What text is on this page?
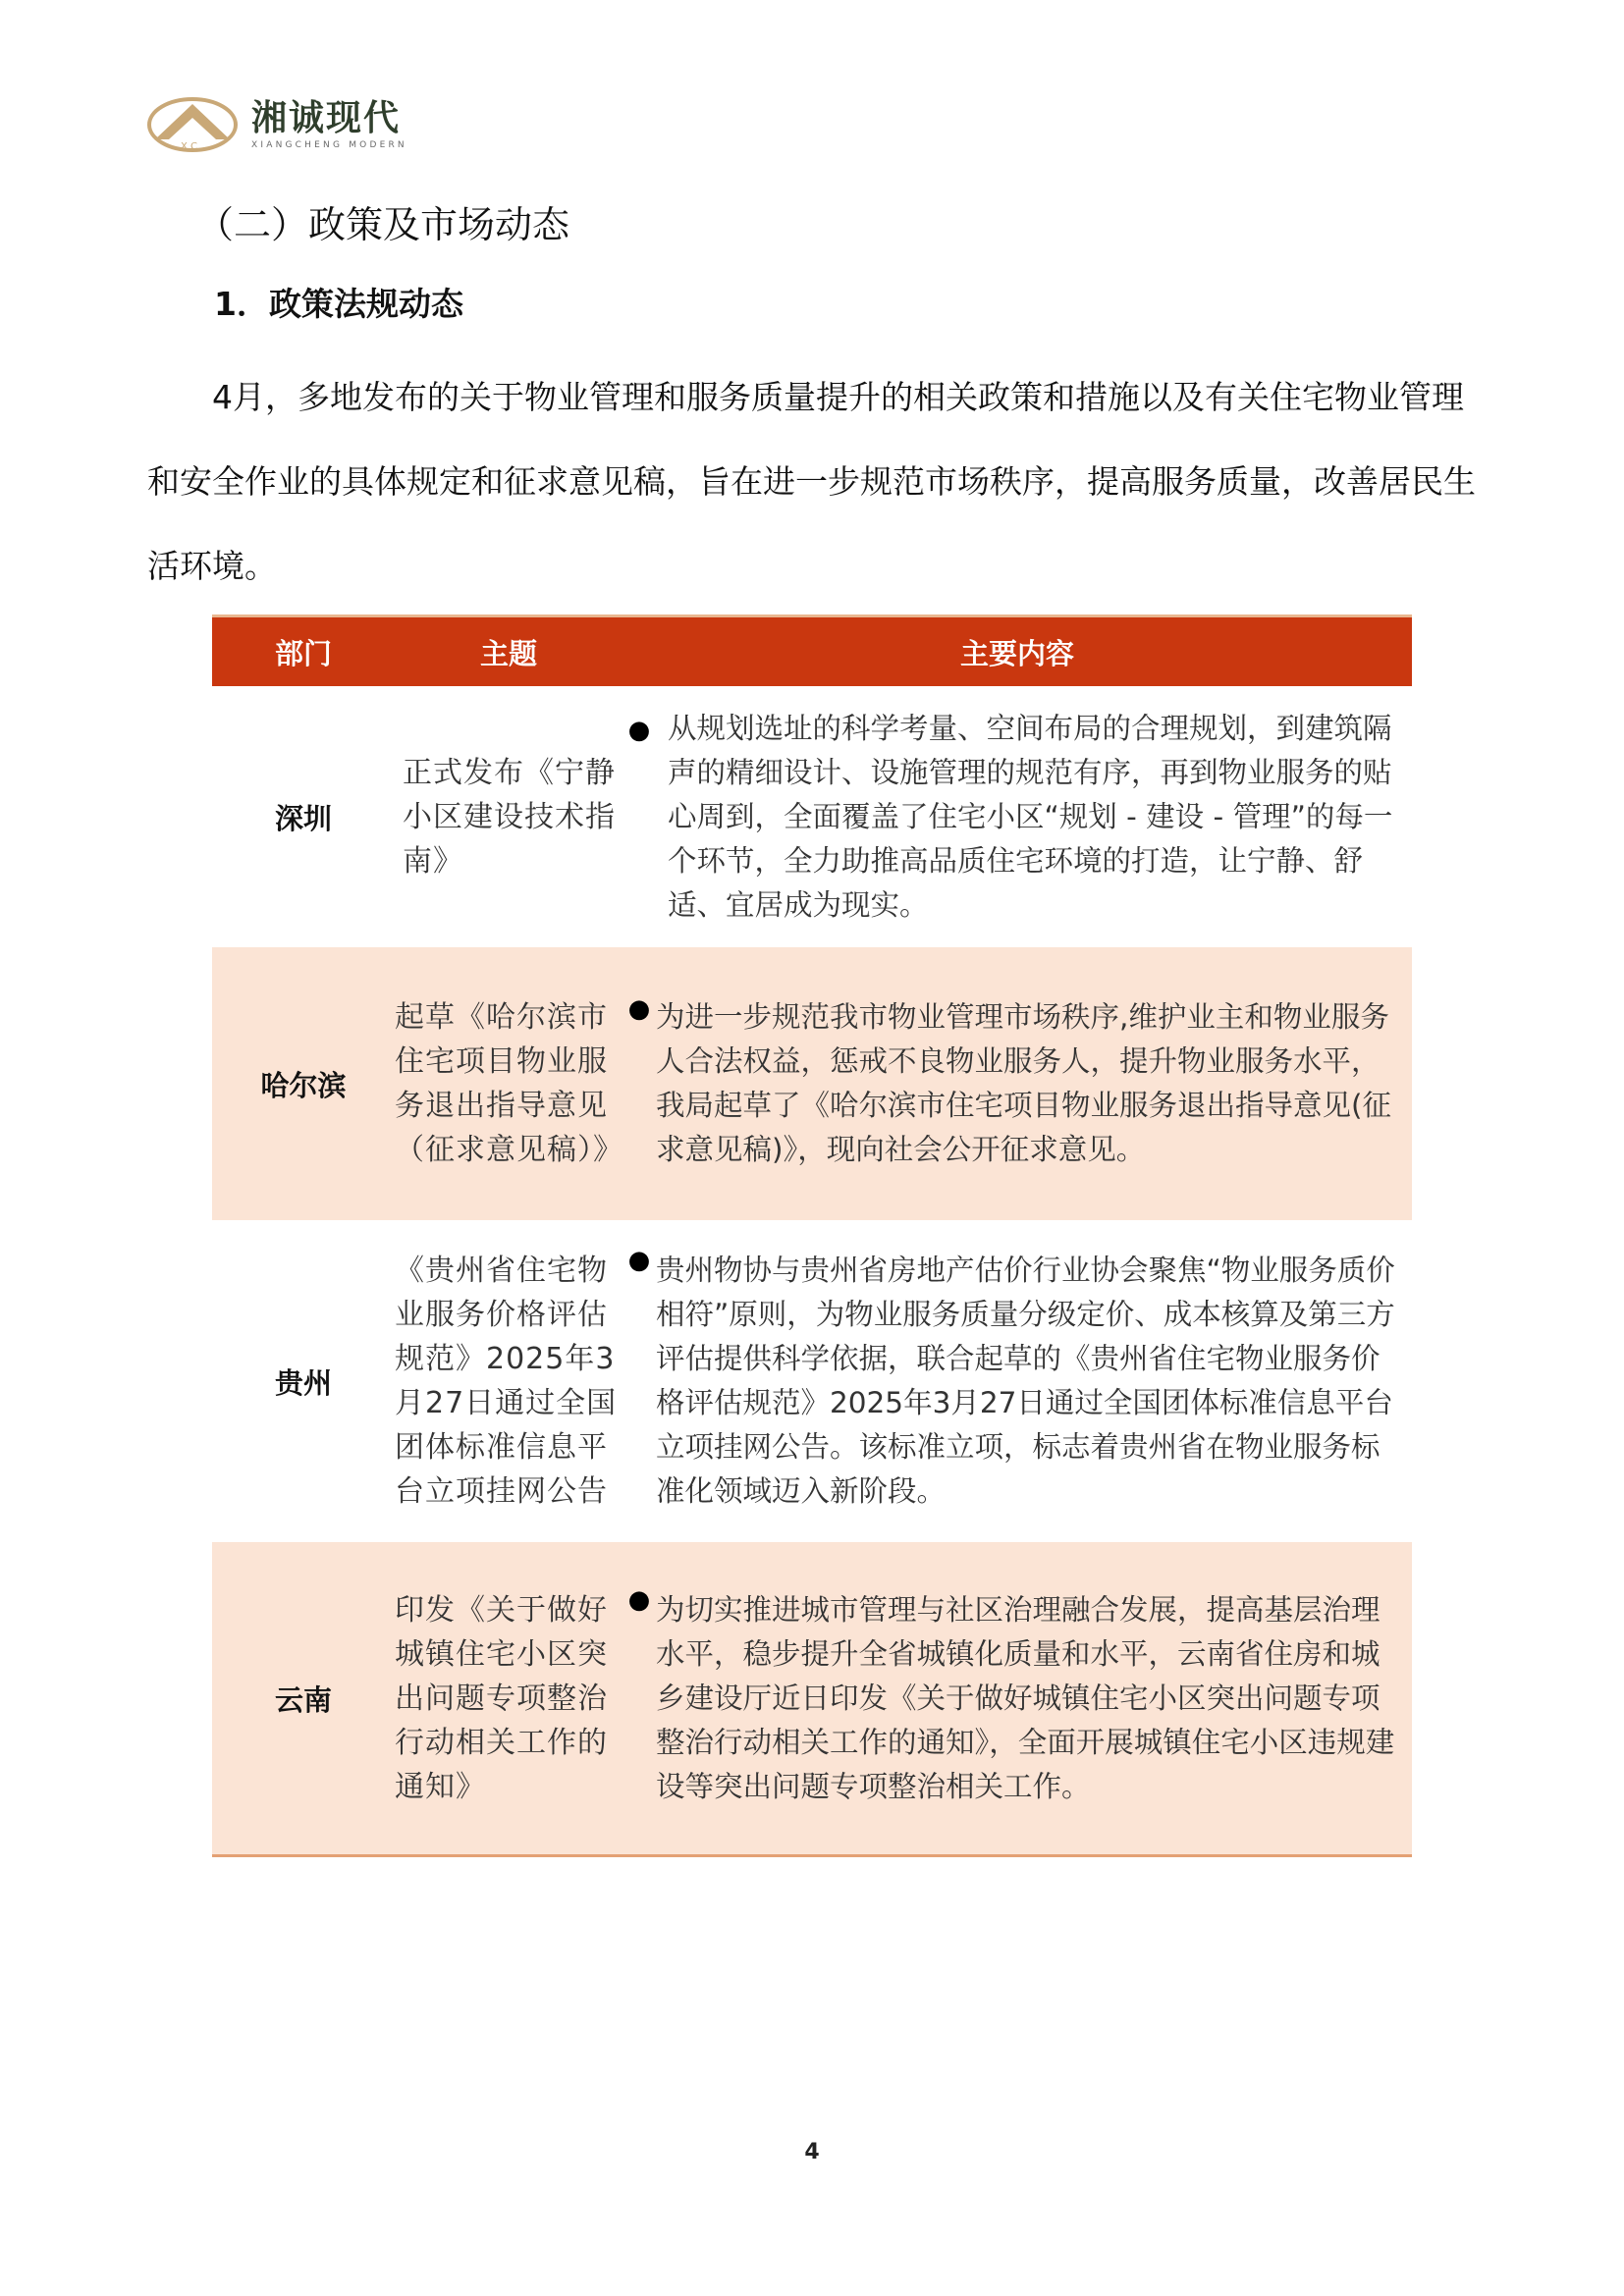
X C
湘诚现代
XIANGCHENG MODERN
（二）政策及市场动态
1．政策法规动态
4月，多地发布的关于物业管理和服务质量提升的相关政策和措施以及有关住宅物业管理和安全作业的具体规定和征求意见稿，旨在进一步规范市场秩序，提高服务质量，改善居民生活环境。
部门	主题	主要内容
深圳
正式发布《宁静小区建设技术指南》
● 从规划选址的科学考量、空间布局的合理规划，到建筑隔声的精细设计、设施管理的规范有序，再到物业服务的贴心周到，全面覆盖了住宅小区“规划 - 建设 - 管理”的每一个环节，全力助推高品质住宅环境的打造，让宁静、舒适、宜居成为现实。
哈尔滨
起草《哈尔滨市住宅项目物业服务退出指导意见（征求意见稿）》
● 为进一步规范我市物业管理市场秩序,维护业主和物业服务人合法权益，惩戒不良物业服务人，提升物业服务水平，我局起草了《哈尔滨市住宅项目物业服务退出指导意见(征求意见稿)》，现向社会公开征求意见。
贵州
《贵州省住宅物业服务价格评估规范》2025年3月27日通过全国团体标准信息平台立项挂网公告
● 贵州物协与贵州省房地产估价行业协会聚焦“物业服务质价相符”原则，为物业服务质量分级定价、成本核算及第三方评估提供科学依据，联合起草的《贵州省住宅物业服务价格评估规范》2025年3月27日通过全国团体标准信息平台立项挂网公告。该标准立项，标志着贵州省在物业服务标准化领域迈入新阶段。
云南
印发《关于做好城镇住宅小区突出问题专项整治行动相关工作的通知》
● 为切实推进城市管理与社区治理融合发展，提高基层治理水平，稳步提升全省城镇化质量和水平，云南省住房和城乡建设厅近日印发《关于做好城镇住宅小区突出问题专项整治行动相关工作的通知》，全面开展城镇住宅小区违规建设等突出问题专项整治相关工作。
4
